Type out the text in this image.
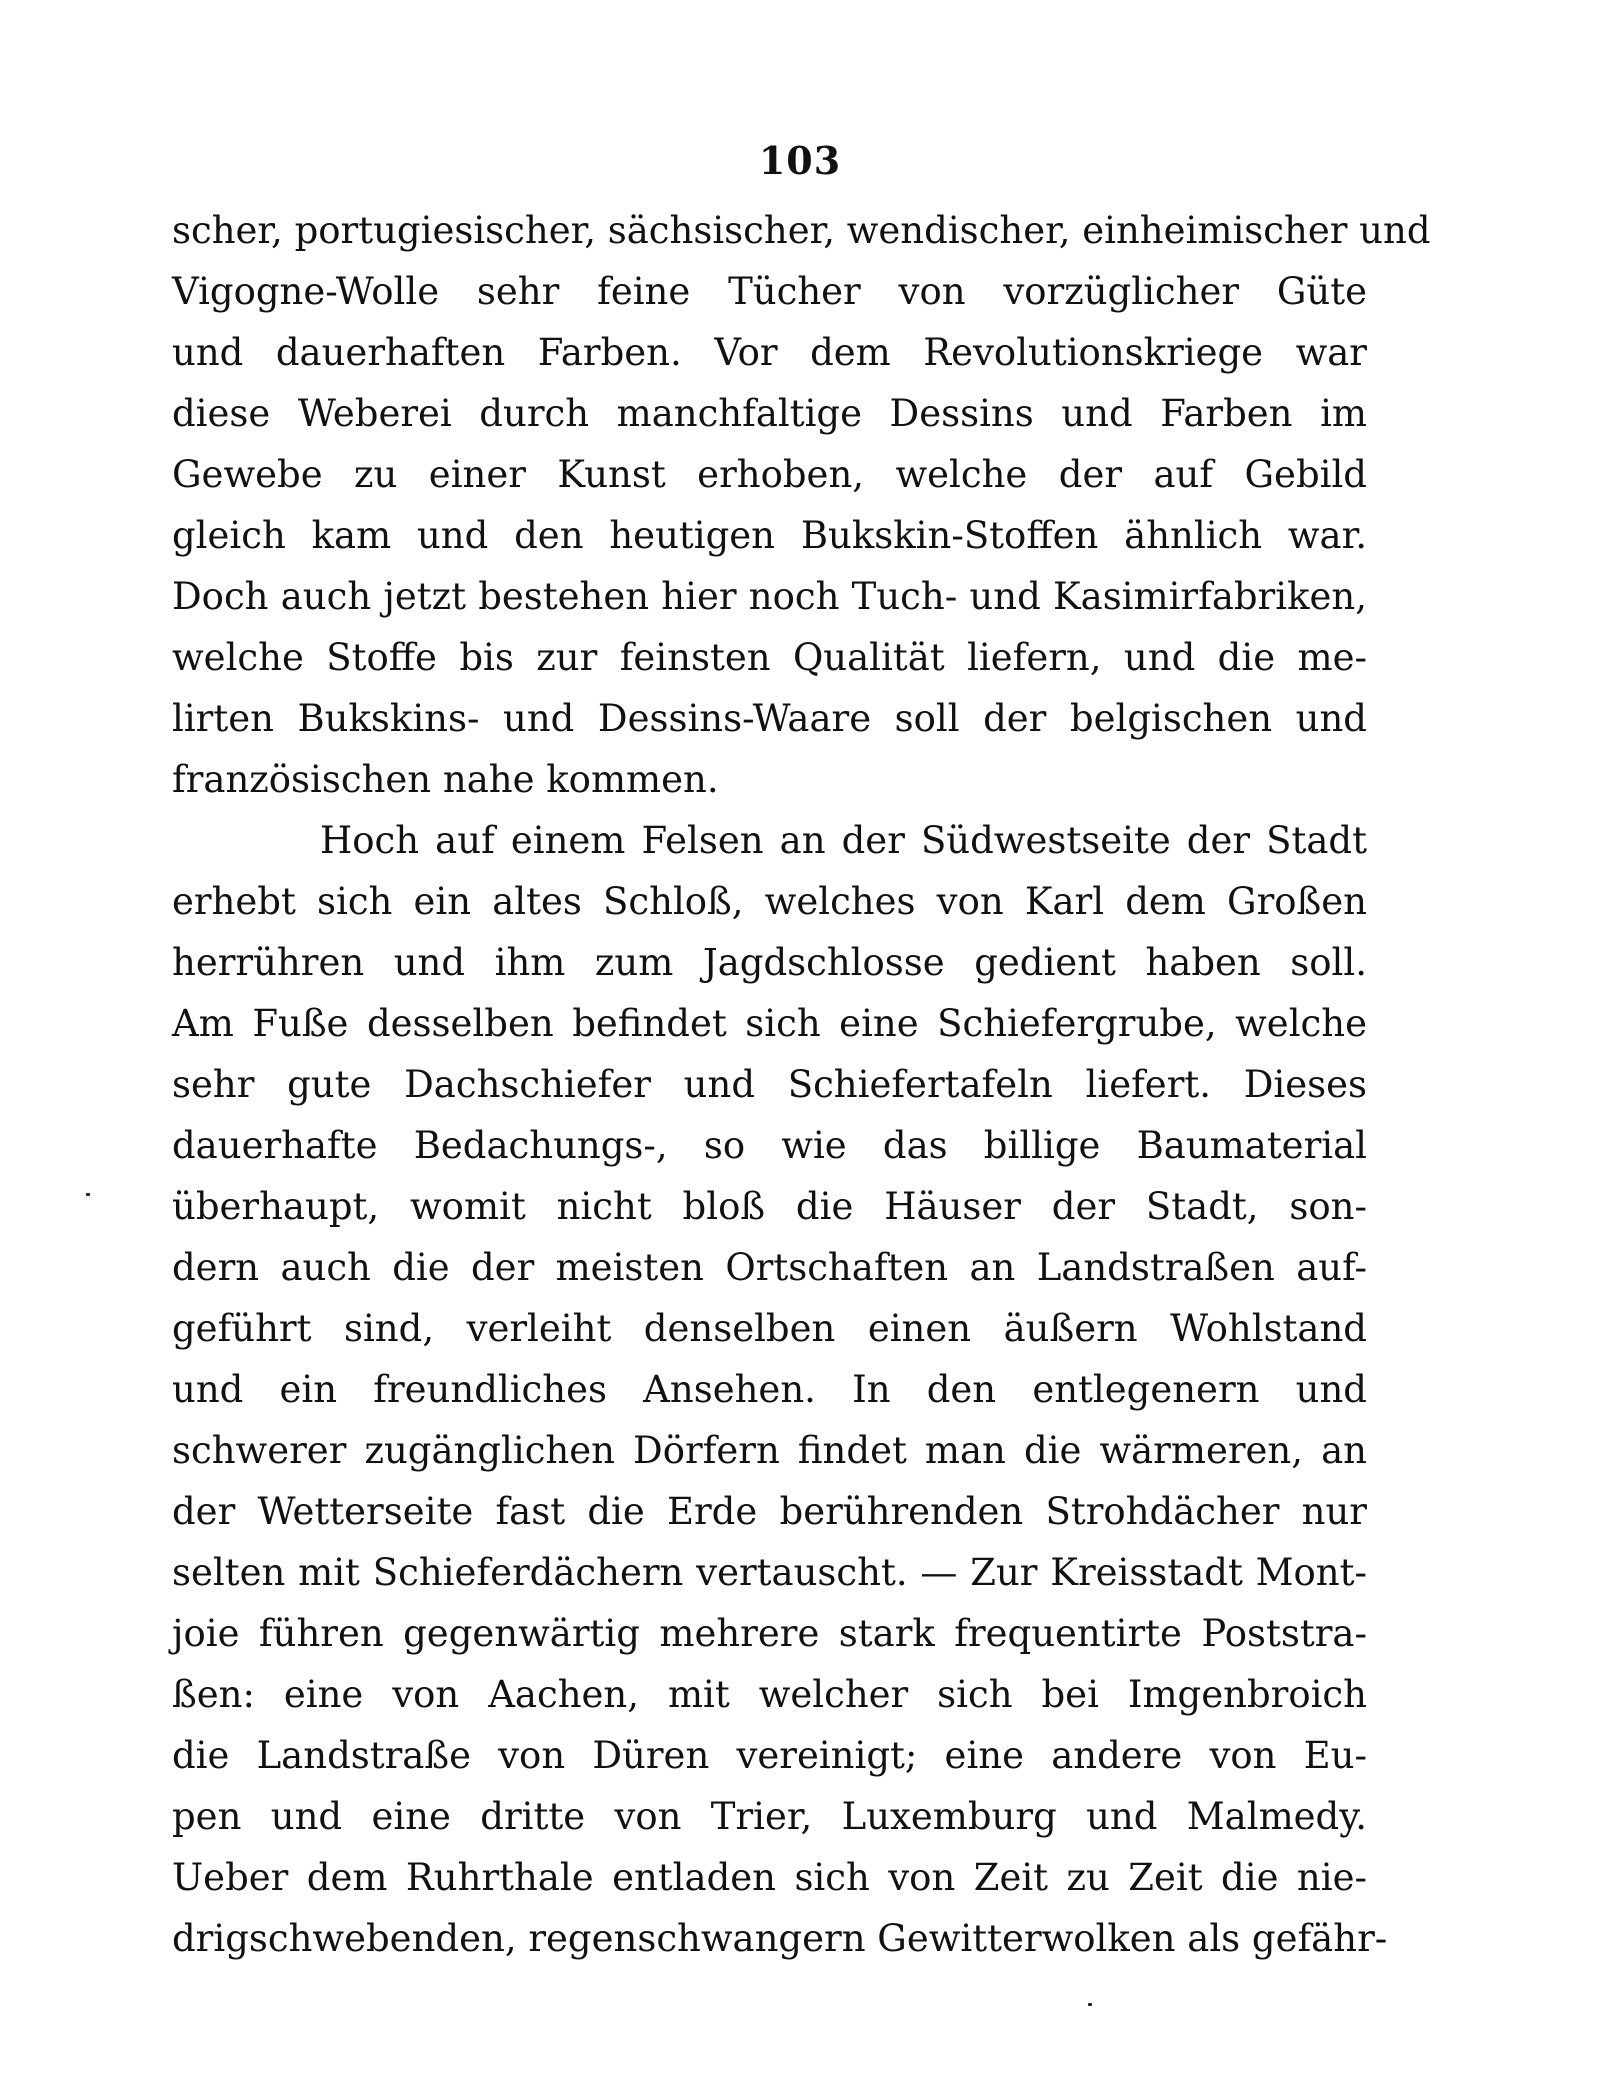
103
scher, portugiesischer, sächsischer, wendischer, einheimischer und
Vigogne-Wolle sehr feine Tücher von vorzüglicher Güte
und dauerhaften Farben. Vor dem Revolutionskriege war
diese Weberei durch manchfaltige Dessins und Farben im
Gewebe zu einer Kunst erhoben, welche der auf Gebild
gleich kam und den heutigen Bukskin-Stoffen ähnlich war.
Doch auch jetzt bestehen hier noch Tuch- und Kasimirfabriken,
welche Stoffe bis zur feinsten Qualität liefern, und die me-
lirten Bukskins- und Dessins-Waare soll der belgischen und
französischen nahe kommen.
Hoch auf einem Felsen an der Südwestseite der Stadt
erhebt sich ein altes Schloß, welches von Karl dem Großen
herrühren und ihm zum Jagdschlosse gedient haben soll.
Am Fuße desselben befindet sich eine Schiefergrube, welche
sehr gute Dachschiefer und Schiefertafeln liefert. Dieses
dauerhafte Bedachungs-, so wie das billige Baumaterial
überhaupt, womit nicht bloß die Häuser der Stadt, son-
dern auch die der meisten Ortschaften an Landstraßen auf-
geführt sind, verleiht denselben einen äußern Wohlstand
und ein freundliches Ansehen. In den entlegenern und
schwerer zugänglichen Dörfern findet man die wärmeren, an
der Wetterseite fast die Erde berührenden Strohdächer nur
selten mit Schieferdächern vertauscht. — Zur Kreisstadt Mont-
joie führen gegenwärtig mehrere stark frequentirte Poststra-
ßen: eine von Aachen, mit welcher sich bei Imgenbroich
die Landstraße von Düren vereinigt; eine andere von Eu-
pen und eine dritte von Trier, Luxemburg und Malmedy.
Ueber dem Ruhrthale entladen sich von Zeit zu Zeit die nie-
drigschwebenden, regenschwangern Gewitterwolken als gefähr-
